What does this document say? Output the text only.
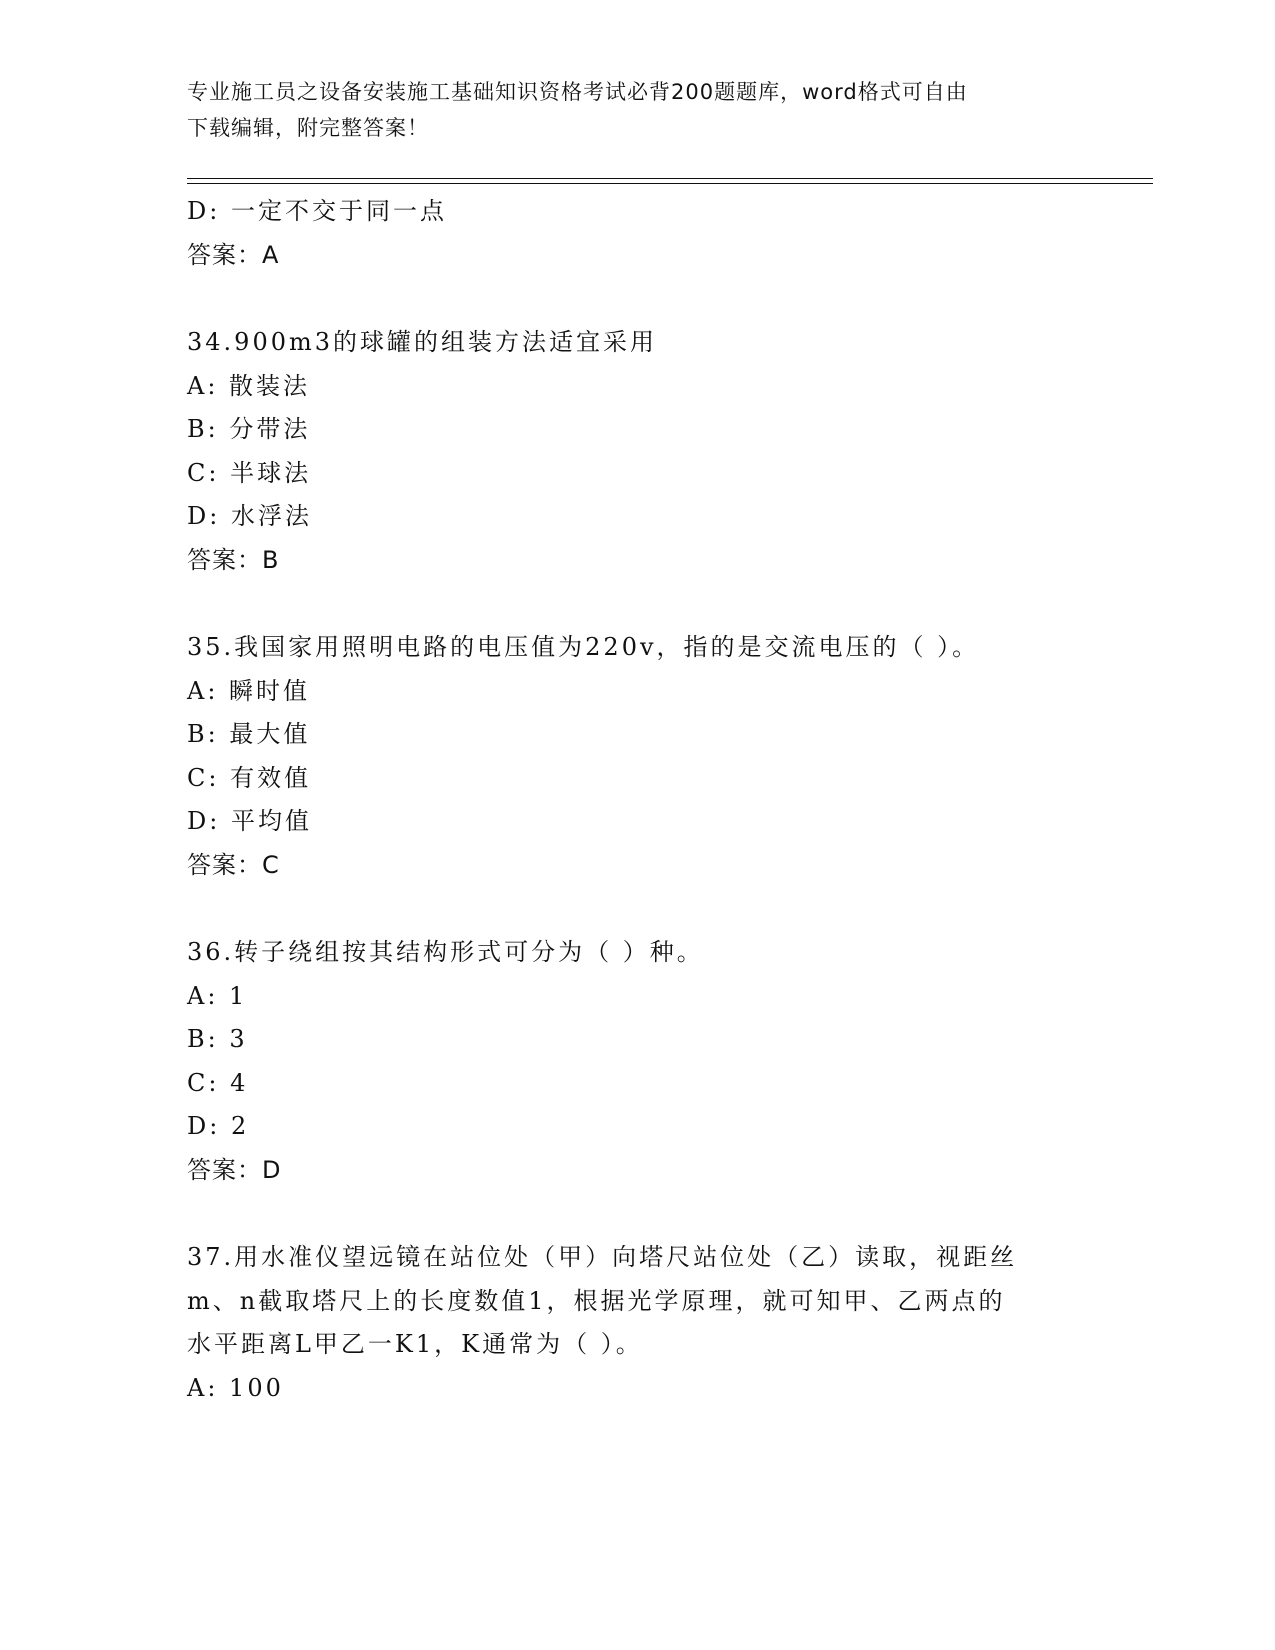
专业施工员之设备安装施工基础知识资格考试必背200题题库，word格式可自由
下载编辑，附完整答案！
D: 一定不交于同一点
答案：A
34.900m3的球罐的组装方法适宜采用
A: 散装法
B: 分带法
C: 半球法
D: 水浮法
答案：B
35.我国家用照明电路的电压值为220v，指的是交流电压的（ ）。
A: 瞬时值
B: 最大值
C: 有效值
D: 平均值
答案：C
36.转子绕组按其结构形式可分为（ ）种。
A: 1
B: 3
C: 4
D: 2
答案：D
37.用水准仪望远镜在站位处（甲）向塔尺站位处（乙）读取，视距丝
m、n截取塔尺上的长度数值1，根据光学原理，就可知甲、乙两点的
水平距离L甲乙一K1，K通常为（ ）。
A: 100
